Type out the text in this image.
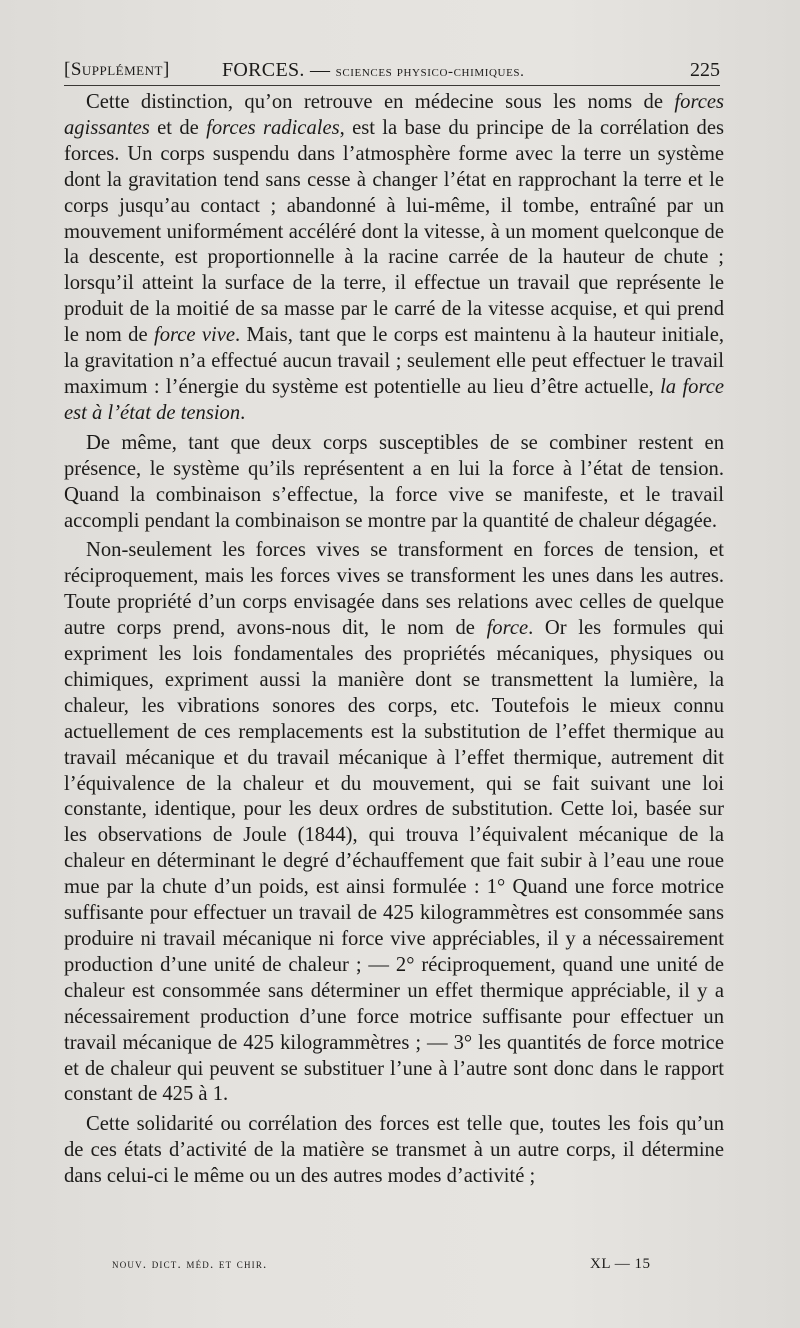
[Supplément]	FORCES. — sciences physico-chimiques.	225

Cette distinction, qu’on retrouve en médecine sous les noms de forces agissantes et de forces radicales, est la base du principe de la corrélation des forces. Un corps suspendu dans l’atmosphère forme avec la terre un système dont la gravitation tend sans cesse à changer l’état en rapprochant la terre et le corps jusqu’au contact ; abandonné à lui-même, il tombe, entraîné par un mouvement uniformément accéléré dont la vitesse, à un moment quelconque de la descente, est proportionnelle à la racine carrée de la hauteur de chute ; lorsqu’il atteint la surface de la terre, il effectue un travail que représente le produit de la moitié de sa masse par le carré de la vitesse acquise, et qui prend le nom de force vive. Mais, tant que le corps est maintenu à la hauteur initiale, la gravitation n’a effectué aucun travail ; seulement elle peut effectuer le travail maximum : l’énergie du système est potentielle au lieu d’être actuelle, la force est à l’état de tension.

De même, tant que deux corps susceptibles de se combiner restent en présence, le système qu’ils représentent a en lui la force à l’état de tension. Quand la combinaison s’effectue, la force vive se manifeste, et le travail accompli pendant la combinaison se montre par la quantité de chaleur dégagée.

Non-seulement les forces vives se transforment en forces de tension, et réciproquement, mais les forces vives se transforment les unes dans les autres. Toute propriété d’un corps envisagée dans ses relations avec celles de quelque autre corps prend, avons-nous dit, le nom de force. Or les formules qui expriment les lois fondamentales des propriétés mécaniques, physiques ou chimiques, expriment aussi la manière dont se transmettent la lumière, la chaleur, les vibrations sonores des corps, etc. Toutefois le mieux connu actuellement de ces remplacements est la substitution de l’effet thermique au travail mécanique et du travail mécanique à l’effet thermique, autrement dit l’équivalence de la chaleur et du mouvement, qui se fait suivant une loi constante, identique, pour les deux ordres de substitution. Cette loi, basée sur les observations de Joule (1844), qui trouva l’équivalent mécanique de la chaleur en déterminant le degré d’échauffement que fait subir à l’eau une roue mue par la chute d’un poids, est ainsi formulée : 1° Quand une force motrice suffisante pour effectuer un travail de 425 kilogrammètres est consommée sans produire ni travail mécanique ni force vive appréciables, il y a nécessairement production d’une unité de chaleur ; — 2° réciproquement, quand une unité de chaleur est consommée sans déterminer un effet thermique appréciable, il y a nécessairement production d’une force motrice suffisante pour effectuer un travail mécanique de 425 kilogrammètres ; — 3° les quantités de force motrice et de chaleur qui peuvent se substituer l’une à l’autre sont donc dans le rapport constant de 425 à 1.

Cette solidarité ou corrélation des forces est telle que, toutes les fois qu’un de ces états d’activité de la matière se transmet à un autre corps, il détermine dans celui-ci le même ou un des autres modes d’activité ;

nouv. dict. méd. et chir.	XL — 15
